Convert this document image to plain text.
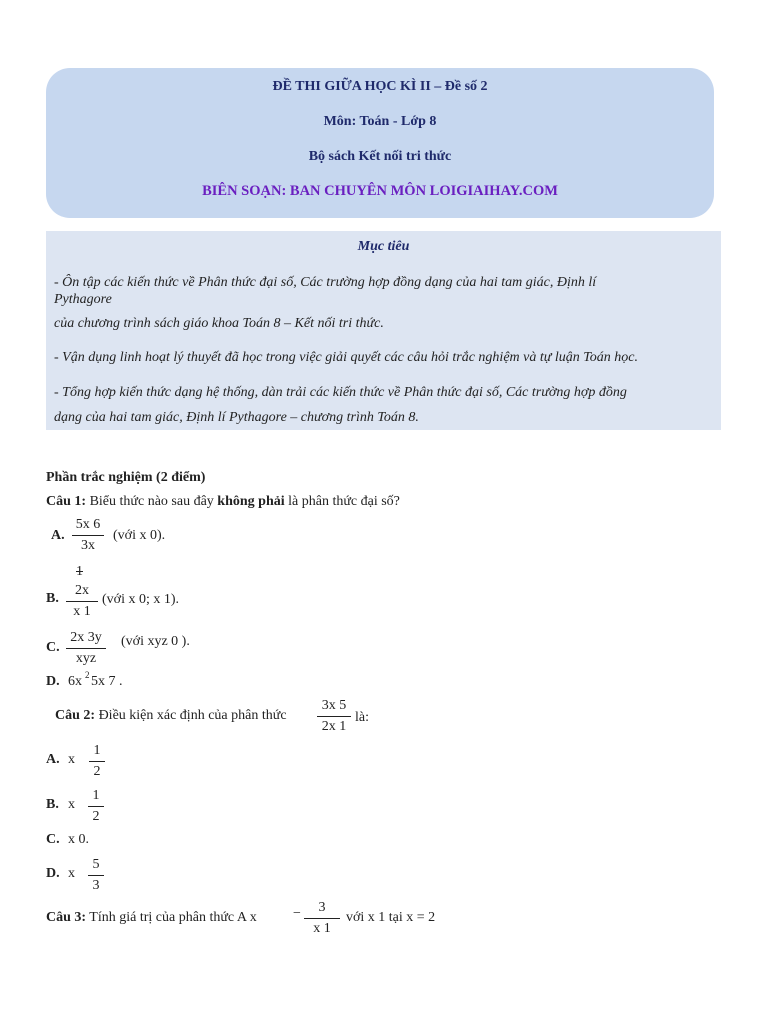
ĐỀ THI GIỮA HỌC KÌ II – Đề số 2
Môn: Toán - Lớp 8
Bộ sách Kết nối tri thức
BIÊN SOẠN: BAN CHUYÊN MÔN LOIGIAIHAY.COM
Mục tiêu
- Ôn tập các kiến thức về Phân thức đại số, Các trường hợp đồng dạng của hai tam giác, Định lí
Pythagore
của chương trình sách giáo khoa Toán 8 – Kết nối tri thức.
- Vận dụng linh hoạt lý thuyết đã học trong việc giải quyết các câu hỏi trắc nghiệm và tự luận Toán học.
- Tổng hợp kiến thức dạng hệ thống, dàn trải các kiến thức về Phân thức đại số, Các trường hợp đồng
dạng của hai tam giác, Định lí Pythagore – chương trình Toán 8.
Phần trắc nghiệm (2 điểm)
Câu 1: Biểu thức nào sau đây không phải là phân thức đại số?
A.
5x 6
3x
(với x 0).
1
B.
2x
x 1
(với x 0; x 1).
C.
2x 3y
xyz
(với xyz 0 ).
D. 6x 2 5x 7 .
Câu 2: Điều kiện xác định của phân thức
3x 5
2x 1
là:
A. x
1
2
B. x
1
2
C. x 0.
D. x
5
3
Câu 3: Tính giá trị của phân thức A x	−	3
x 1
với x 1 tại x = 2
